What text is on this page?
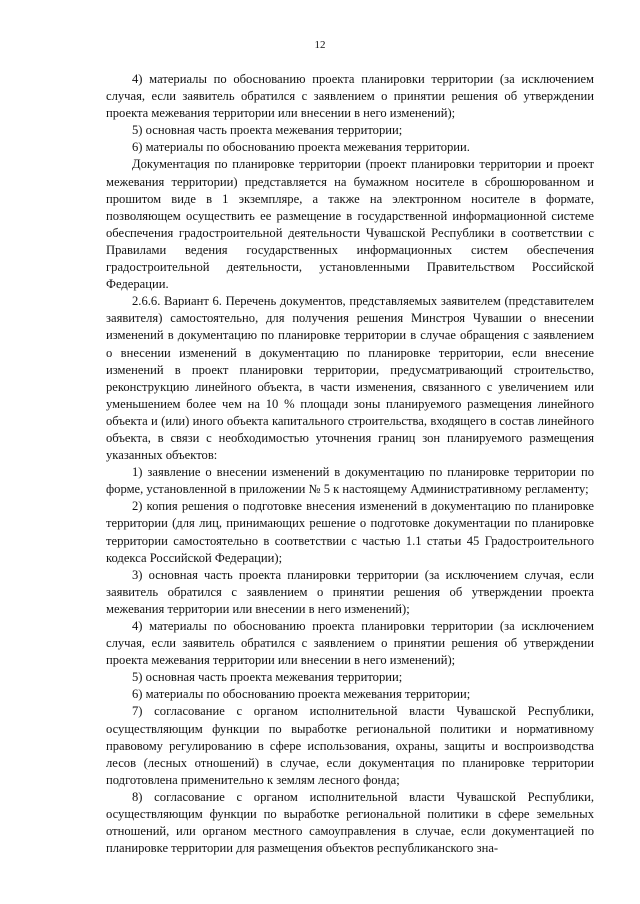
12

4) материалы по обоснованию проекта планировки территории (за исключением случая, если заявитель обратился с заявлением о принятии решения об утверждении проекта межевания территории или внесении в него изменений);

5) основная часть проекта межевания территории;

6) материалы по обоснованию проекта межевания территории.

Документация по планировке территории (проект планировки территории и проект межевания территории) представляется на бумажном носителе в сброшюрованном и прошитом виде в 1 экземпляре, а также на электронном носителе в формате, позволяющем осуществить ее размещение в государственной информационной системе обеспечения градостроительной деятельности Чувашской Республики в соответствии с Правилами ведения государственных информационных систем обеспечения градостроительной деятельности, установленными Правительством Российской Федерации.

2.6.6. Вариант 6. Перечень документов, представляемых заявителем (представителем заявителя) самостоятельно, для получения решения Минстроя Чувашии о внесении изменений в документацию по планировке территории в случае обращения с заявлением о внесении изменений в документацию по планировке территории, если внесение изменений в проект планировки территории, предусматривающий строительство, реконструкцию линейного объекта, в части изменения, связанного с увеличением или уменьшением более чем на 10 % площади зоны планируемого размещения линейного объекта и (или) иного объекта капитального строительства, входящего в состав линейного объекта, в связи с необходимостью уточнения границ зон планируемого размещения указанных объектов:

1) заявление о внесении изменений в документацию по планировке территории по форме, установленной в приложении № 5 к настоящему Административному регламенту;

2) копия решения о подготовке внесения изменений в документацию по планировке территории (для лиц, принимающих решение о подготовке документации по планировке территории самостоятельно в соответствии с частью 1.1 статьи 45 Градостроительного кодекса Российской Федерации);

3) основная часть проекта планировки территории (за исключением случая, если заявитель обратился с заявлением о принятии решения об утверждении проекта межевания территории или внесении в него изменений);

4) материалы по обоснованию проекта планировки территории (за исключением случая, если заявитель обратился с заявлением о принятии решения об утверждении проекта межевания территории или внесении в него изменений);

5) основная часть проекта межевания территории;

6) материалы по обоснованию проекта межевания территории;

7) согласование с органом исполнительной власти Чувашской Республики, осуществляющим функции по выработке региональной политики и нормативному правовому регулированию в сфере использования, охраны, защиты и воспроизводства лесов (лесных отношений) в случае, если документация по планировке территории подготовлена применительно к землям лесного фонда;

8) согласование с органом исполнительной власти Чувашской Республики, осуществляющим функции по выработке региональной политики в сфере земельных отношений, или органом местного самоуправления в случае, если документацией по планировке территории для размещения объектов республиканского зна-
